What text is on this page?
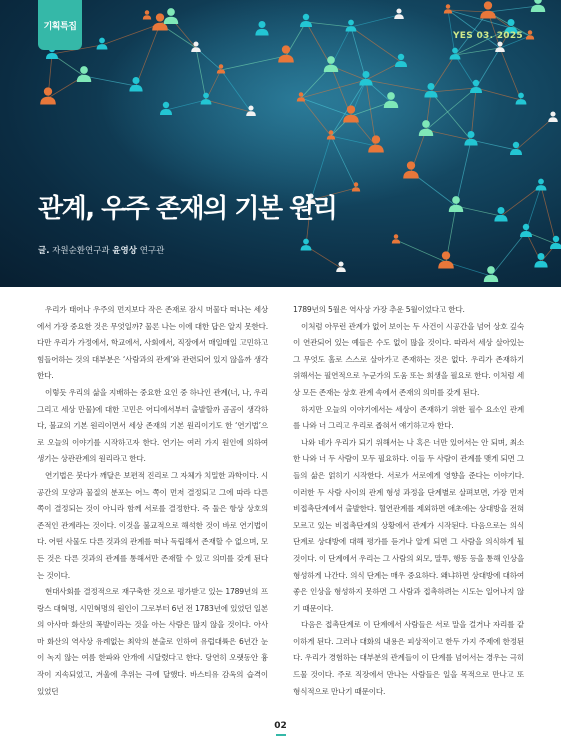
기획특집
YES 03. 2025
관계, 우주 존재의 기본 원리
글. 자원순환연구과 윤영상 연구관

우리가 태어나 우주의 먼지보다 작은 존재로 잠시 머물다 떠나는 세상에서 가장 중요한 것은 무엇일까? 물론 나는 이에 대한 답은 알지 못한다. 다만 우리가 가정에서, 학교에서, 사회에서, 직장에서 매일매일 고민하고 힘들어하는 것의 대부분은 ‘사람과의 관계’와 관련되어 있지 않을까 생각한다.

이렇듯 우리의 삶을 지배하는 중요한 요인 중 하나인 관계(너, 나, 우리 그리고 세상 만물)에 대한 고민은 어디에서부터 출발할까 곰곰이 생각하다, 불교의 기본 원리이면서 세상 존재의 기본 원리이기도 한 ‘연기법’으로 오늘의 이야기를 시작하고자 한다. 연기는 여러 가지 원인에 의하여 생기는 상관관계의 원리라고 한다.

연기법은 붓다가 깨달은 보편적 진리로 그 자체가 치밀한 과학이다. 시공간의 모양과 물질의 분포는 어느 쪽이 먼저 결정되고 그에 따라 다른 쪽이 결정되는 것이 아니라 함께 서로를 결정한다. 즉 둘은 항상 상호의존적인 관계라는 것이다. 이것을 불교적으로 해석한 것이 바로 연기법이다. 어떤 사물도 다른 것과의 관계를 떠나 독립해서 존재할 수 없으며, 모든 것은 다른 것과의 관계를 통해서만 존재할 수 있고 의미를 갖게 된다는 것이다.

현대사회를 결정적으로 재구축한 것으로 평가받고 있는 1789년의 프랑스 대혁명, 시민혁명의 원인이 그로부터 6년 전 1783년에 있었던 일본의 아사마 화산의 폭발이라는 것을 아는 사람은 많지 않을 것이다. 아사마 화산의 역사상 유례없는 최악의 분출로 인하여 유럽대륙은 6년간 눈이 녹지 않는 여름 한파와 안개에 시달렸다고 한다. 당연히 오랫동안 흉작이 지속되었고, 겨울에 추위는 극에 달했다. 바스티유 감옥의 습격이 있었던

1789년의 5월은 역사상 가장 추운 5월이었다고 한다.

이처럼 아무런 관계가 없어 보이는 두 사건이 시공간을 넘어 상호 깊숙이 연관되어 있는 예들은 수도 없이 많을 것이다. 따라서 세상 살아있는 그 무엇도 홀로 스스로 살아가고 존재하는 것은 없다. 우리가 존재하기 위해서는 필연적으로 누군가의 도움 또는 희생을 필요로 한다. 이처럼 세상 모든 존재는 상호 관계 속에서 존재의 의미를 갖게 된다.

하지만 오늘의 이야기에서는 세상이 존재하기 위한 필수 요소인 관계를 나와 너 그리고 우리로 좁혀서 얘기하고자 한다.

나와 네가 우리가 되기 위해서는 나 혹은 너만 있어서는 안 되며, 최소한 나와 너 두 사람이 모두 필요하다. 이들 두 사람이 관계를 맺게 되면 그들의 삶은 얽히기 시작한다. 서로가 서로에게 영향을 준다는 이야기다. 이러한 두 사람 사이의 관계 형성 과정을 단계별로 살펴보면, 가장 먼저 비접촉단계에서 출발한다. 혈연관계를 제외하면 애초에는 상대방을 전혀 모르고 있는 비접촉단계의 상황에서 관계가 시작된다. 다음으로는 의식단계로 상대방에 대해 평가를 듣거나 알게 되면 그 사람을 의식하게 될 것이다. 이 단계에서 우리는 그 사람의 외모, 말투, 행동 등을 통해 인상을 형성하게 나간다. 의식 단계는 매우 중요하다. 왜냐하면 상대방에 대하여 좋은 인상을 형성하지 못하면 그 사람과 접촉하려는 시도는 일어나지 않기 때문이다.

다음은 접촉단계로 이 단계에서 사람들은 서로 말을 걸거나 자리를 같이하게 된다. 그러나 대화의 내용은 피상적이고 한두 가지 주제에 한정된다. 우리가 경험하는 대부분의 관계들이 이 단계를 넘어서는 경우는 극히 드물 것이다. 주로 직장에서 만나는 사람들은 일을 목적으로 만나고 또 형식적으로 만나기 때문이다.

02
